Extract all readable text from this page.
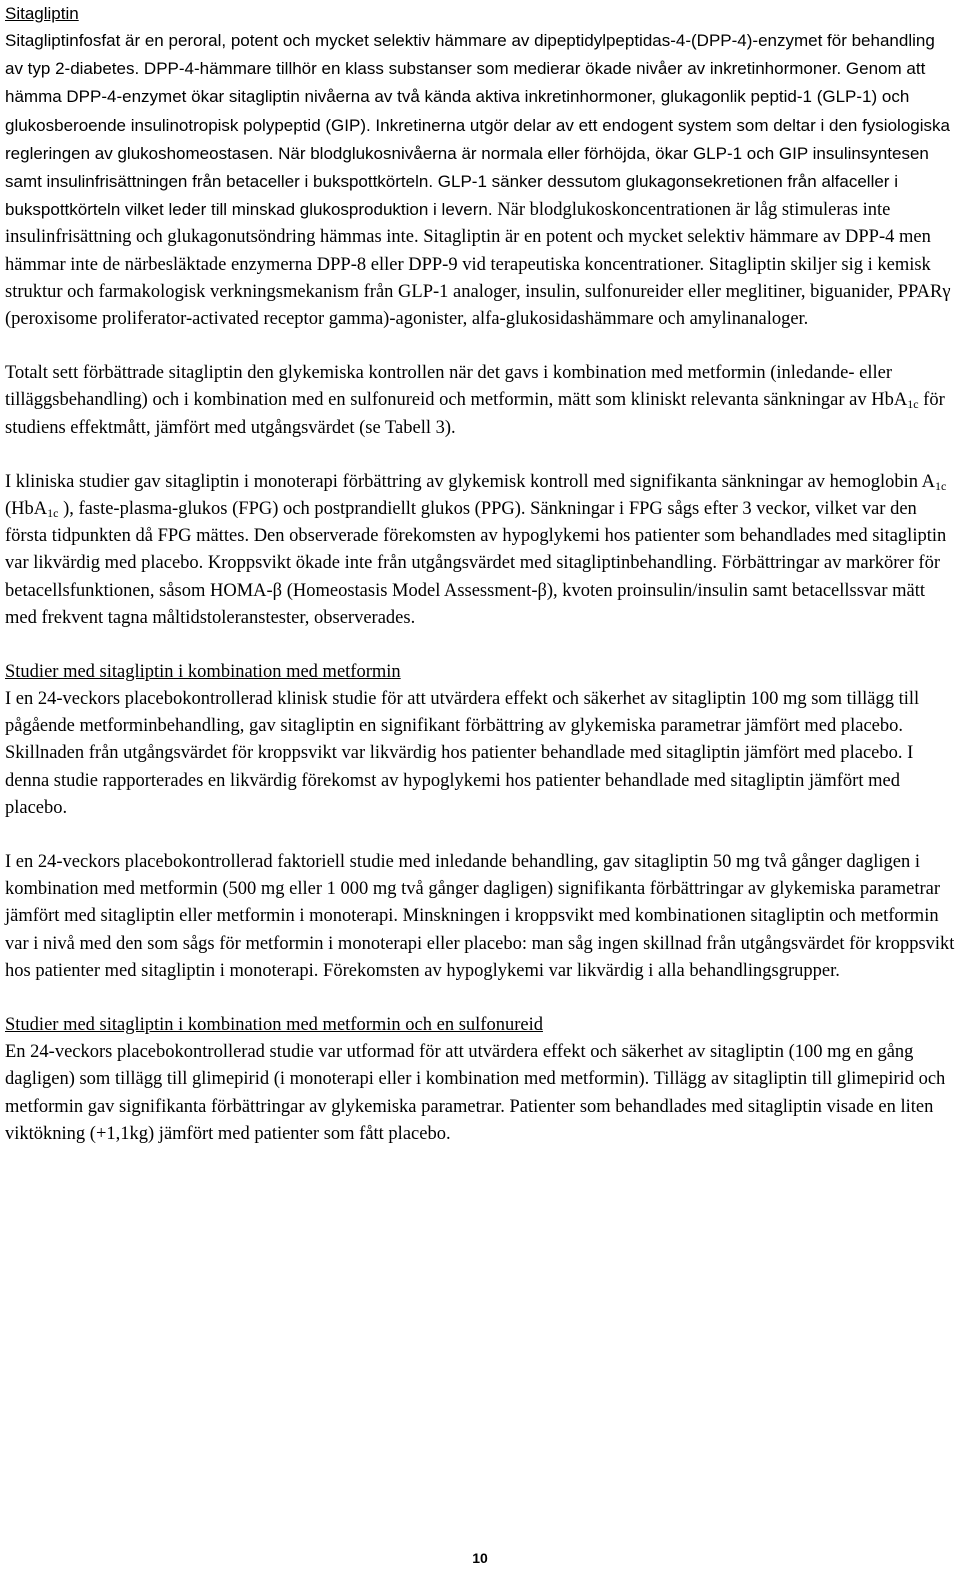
Sitagliptin

Sitagliptinfosfat är en peroral, potent och mycket selektiv hämmare av dipeptidylpeptidas-4-(DPP-4)-enzymet för behandling av typ 2-diabetes. DPP-4-hämmare tillhör en klass substanser som medierar ökade nivåer av inkretinhormoner. Genom att hämma DPP-4-enzymet ökar sitagliptin nivåerna av två kända aktiva inkretinhormoner, glukagonlik peptid-1 (GLP-1) och glukosberoende insulinotropisk polypeptid (GIP). Inkretinerna utgör delar av ett endogent system som deltar i den fysiologiska regleringen av glukoshomeostasen. När blodglukosnivåerna är normala eller förhöjda, ökar GLP-1 och GIP insulinsyntesen samt insulinfrisättningen från betaceller i bukspottkörteln. GLP-1 sänker dessutom glukagonsekretionen från alfaceller i bukspottkörteln vilket leder till minskad glukosproduktion i levern. När blodglukoskoncentrationen är låg stimuleras inte insulinfrisättning och glukagonutsöndring hämmas inte. Sitagliptin är en potent och mycket selektiv hämmare av DPP-4 men hämmar inte de närbesläktade enzymerna DPP-8 eller DPP-9 vid terapeutiska koncentrationer. Sitagliptin skiljer sig i kemisk struktur och farmakologisk verkningsmekanism från GLP-1 analoger, insulin, sulfonureider eller meglitiner, biguanider, PPARγ (peroxisome proliferator-activated receptor gamma)-agonister, alfa-glukosidashämmare och amylinanaloger.

Totalt sett förbättrade sitagliptin den glykemiska kontrollen när det gavs i kombination med metformin (inledande- eller tilläggsbehandling) och i kombination med en sulfonureid och metformin, mätt som kliniskt relevanta sänkningar av HbA$_{1c}$ för studiens effektmått, jämfört med utgångsvärdet (se Tabell 3).

I kliniska studier gav sitagliptin i monoterapi förbättring av glykemisk kontroll med signifikanta sänkningar av hemoglobin $A_{1c}$ (HbA$_{1c}$ ), faste-plasma-glukos (FPG) och postprandiellt glukos (PPG). Sänkningar i FPG sågs efter 3 veckor, vilket var den första tidpunkten då FPG mättes. Den observerade förekomsten av hypoglykemi hos patienter som behandlades med sitagliptin var likvärdig med placebo. Kroppsvikt ökade inte från utgångsvärdet med sitagliptinbehandling. Förbättringar av markörer för betacellsfunktionen, såsom HOMA-β (Homeostasis Model Assessment-β), kvoten proinsulin/insulin samt betacellssvar mätt med frekvent tagna måltidstoleranstester, observerades.

Studier med sitagliptin i kombination med metformin

I en 24-veckors placebokontrollerad klinisk studie för att utvärdera effekt och säkerhet av sitagliptin 100 mg som tillägg till pågående metforminbehandling, gav sitagliptin en signifikant förbättring av glykemiska parametrar jämfört med placebo. Skillnaden från utgångsvärdet för kroppsvikt var likvärdig hos patienter behandlade med sitagliptin jämfört med placebo. I denna studie rapporterades en likvärdig förekomst av hypoglykemi hos patienter behandlade med sitagliptin jämfört med placebo.

I en 24-veckors placebokontrollerad faktoriell studie med inledande behandling, gav sitagliptin 50 mg två gånger dagligen i kombination med metformin (500 mg eller 1 000 mg två gånger dagligen) signifikanta förbättringar av glykemiska parametrar jämfört med sitagliptin eller metformin i monoterapi. Minskningen i kroppsvikt med kombinationen sitagliptin och metformin var i nivå med den som sågs för metformin i monoterapi eller placebo: man såg ingen skillnad från utgångsvärdet för kroppsvikt hos patienter med sitagliptin i monoterapi. Förekomsten av hypoglykemi var likvärdig i alla behandlingsgrupper.

Studier med sitagliptin i kombination med metformin och en sulfonureid

En 24-veckors placebokontrollerad studie var utformad för att utvärdera effekt och säkerhet av sitagliptin (100 mg en gång dagligen) som tillägg till glimepirid (i monoterapi eller i kombination med metformin). Tillägg av sitagliptin till glimepirid och metformin gav signifikanta förbättringar av glykemiska parametrar. Patienter som behandlades med sitagliptin visade en liten viktökning (+1,1kg) jämfört med patienter som fått placebo.

10
